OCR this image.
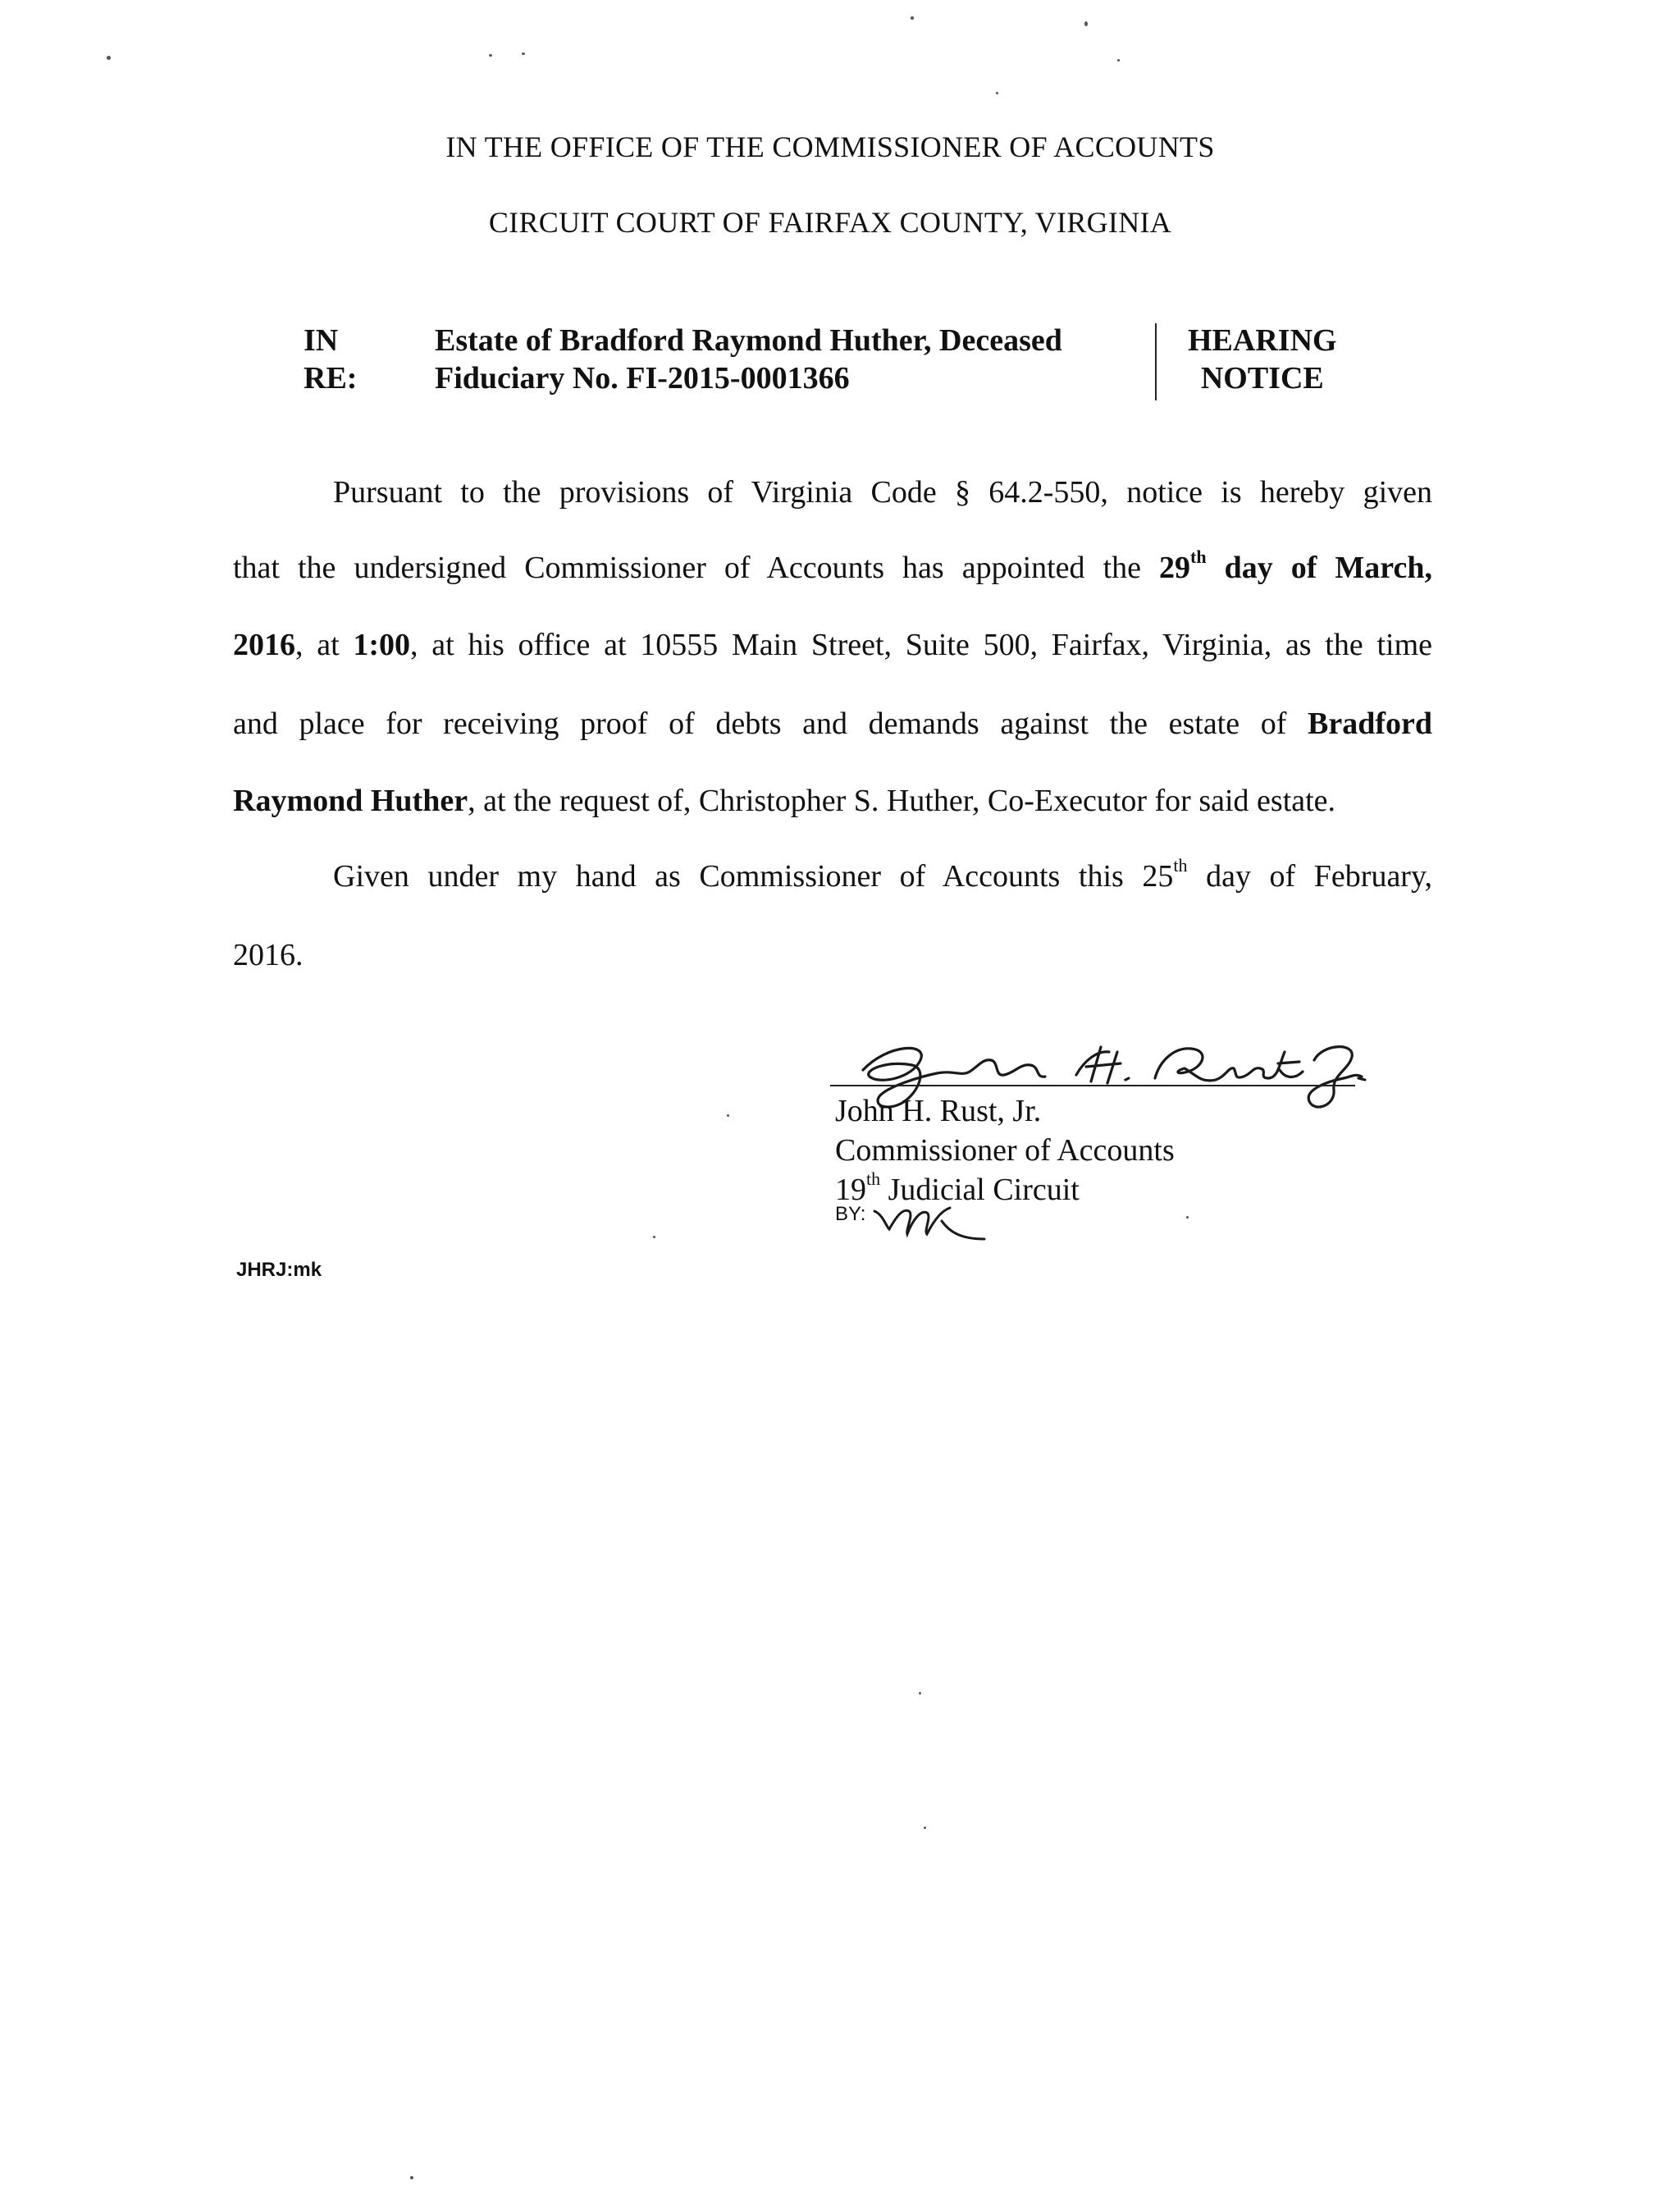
IN THE OFFICE OF THE COMMISSIONER OF ACCOUNTS
CIRCUIT COURT OF FAIRFAX COUNTY, VIRGINIA
IN RE:
Estate of Bradford Raymond Huther, Deceased
Fiduciary No. FI-2015-0001366
HEARING
NOTICE
Pursuant to the provisions of Virginia Code § 64.2-550, notice is hereby given
that the undersigned Commissioner of Accounts has appointed the 29th day of March,
2016, at 1:00, at his office at 10555 Main Street, Suite 500, Fairfax, Virginia, as the time
and place for receiving proof of debts and demands against the estate of Bradford
Raymond Huther, at the request of, Christopher S. Huther, Co-Executor for said estate.
Given under my hand as Commissioner of Accounts this 25th day of February,
2016.
John H. Rust, Jr.
Commissioner of Accounts
19th Judicial Circuit
BY:
JHRJ:mk
